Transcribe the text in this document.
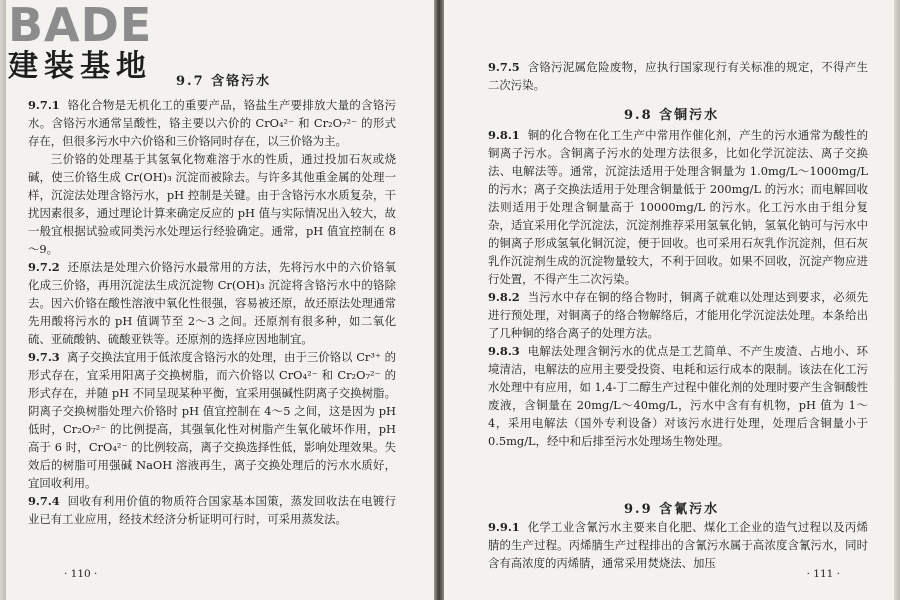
BADE
建装基地 9.7 含铬污水

9.7.1 铬化合物是无机化工的重要产品，铬盐生产要排放大量的含铬污水。含铬污水通常呈酸性，铬主要以六价的 CrO₄²⁻ 和 Cr₂O₇²⁻ 的形式存在，但很多污水中六价铬和三价铬同时存在，以三价铬为主。

三价铬的处理基于其氢氧化物难溶于水的性质，通过投加石灰或烧碱，使三价铬生成 Cr(OH)₃ 沉淀而被除去。与许多其他重金属的处理一样，沉淀法处理含铬污水，pH 控制是关键。由于含铬污水水质复杂，干扰因素很多，通过理论计算来确定反应的 pH 值与实际情况出入较大，故一般宜根据试验或同类污水处理运行经验确定。通常，pH 值宜控制在 8～9。

9.7.2 还原法是处理六价铬污水最常用的方法，先将污水中的六价铬氧化成三价铬，再用沉淀法生成沉淀物 Cr(OH)₃ 沉淀将含铬污水中的铬除去。因六价铬在酸性溶液中氧化性很强，容易被还原，故还原法处理通常先用酸将污水的 pH 值调节至 2～3 之间。还原剂有很多种，如二氧化硫、亚硫酸钠、硫酸亚铁等。还原剂的选择应因地制宜。

9.7.3 离子交换法宜用于低浓度含铬污水的处理，由于三价铬以 Cr³⁺ 的形式存在，宜采用阳离子交换树脂，而六价铬以 CrO₄²⁻ 和 Cr₂O₇²⁻ 的形式存在，并随 pH 不同呈现某种平衡，宜采用强碱性阴离子交换树脂。阴离子交换树脂处理六价铬时 pH 值宜控制在 4～5 之间，这是因为 pH 低时，Cr₂O₇²⁻ 的比例提高，其强氧化性对树脂产生氧化破坏作用，pH 高于 6 时，CrO₄²⁻ 的比例较高，离子交换选择性低，影响处理效果。失效后的树脂可用强碱 NaOH 溶液再生，离子交换处理后的污水水质好，宜回收利用。

9.7.4 回收有利用价值的物质符合国家基本国策，蒸发回收法在电镀行业已有工业应用，经技术经济分析证明可行时，可采用蒸发法。

· 110 ·

9.7.5 含铬污泥属危险废物，应执行国家现行有关标准的规定，不得产生二次污染。

9.8 含铜污水

9.8.1 铜的化合物在化工生产中常用作催化剂，产生的污水通常为酸性的铜离子污水。含铜离子污水的处理方法很多，比如化学沉淀法、离子交换法、电解法等。通常，沉淀法适用于处理含铜量为 1.0mg/L～1000mg/L 的污水；离子交换法适用于处理含铜量低于 200mg/L 的污水；而电解回收法则适用于处理含铜量高于 10000mg/L 的污水。化工污水由于组分复杂，适宜采用化学沉淀法，沉淀剂推荐采用氢氧化钠，氢氧化钠可与污水中的铜离子形成氢氧化铜沉淀，便于回收。也可采用石灰乳作沉淀剂，但石灰乳作沉淀剂生成的沉淀物量较大，不利于回收。如果不回收，沉淀产物应进行处置，不得产生二次污染。

9.8.2 当污水中存在铜的络合物时，铜离子就难以处理达到要求，必须先进行预处理，对铜离子的络合物解络后，才能用化学沉淀法处理。本条给出了几种铜的络合离子的处理方法。

9.8.3 电解法处理含铜污水的优点是工艺简单、不产生废渣、占地小、环境清洁，电解法的应用主要受投资、电耗和运行成本的限制。该法在化工污水处理中有应用，如 1,4-丁二醇生产过程中催化剂的处理时要产生含铜酸性废液，含铜量在 20mg/L～40mg/L，污水中含有有机物，pH 值为 1～4，采用电解法（国外专利设备）对该污水进行处理，处理后含铜量小于 0.5mg/L，经中和后排至污水处理场生物处理。

9.9 含氰污水

9.9.1 化学工业含氰污水主要来自化肥、煤化工企业的造气过程以及丙烯腈的生产过程。丙烯腈生产过程排出的含氰污水属于高浓度含氰污水，同时含有高浓度的丙烯腈，通常采用焚烧法、加压

· 111 ·
